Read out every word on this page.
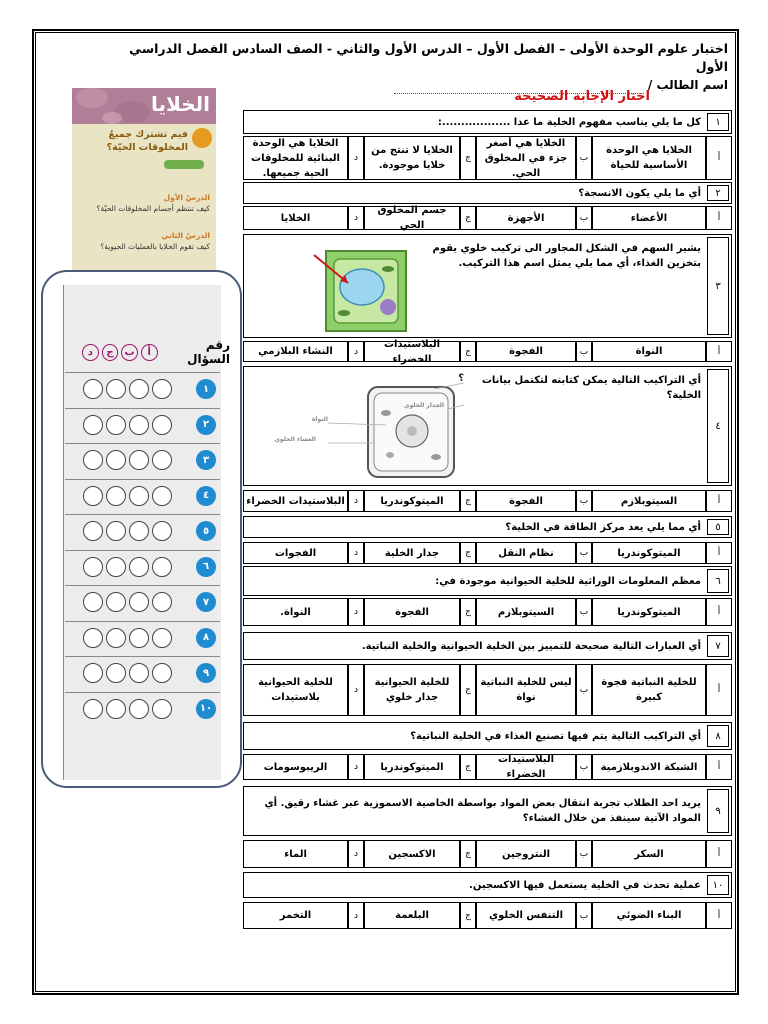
اختبار علوم الوحدة الأولى – الفصل الأول – الدرس الأول والثاني - الصف السادس الفصل الدراسي الأول
اسم الطالب /
اختار الإجابة الصحيحة
الخلايا
فيم تشترك جميعُ المخلوقات الحيّة؟
الدرسُ الأول
كيف تنتظم أجسام المخلوقات الحيّة؟
الدرسُ الثاني
كيف تقوم الخلايا بالعمليات الحيوية؟
رقم السؤال
أ
ب
ج
د
١
٢
٣
٤
٥
٦
٧
٨
٩
١٠
١
كل ما يلي يناسب مفهوم الخلية ما عدا ..................:
أ
الخلايا هي الوحدة الأساسية للحياة
ب
الخلايا هي أصغر جزء في المخلوق الحي.
ج
الخلايا لا تنتج من خلايا موجودة.
د
الخلايا هي الوحدة البنائية للمخلوقات الحية جميعها.
٢
أي ما يلي يكون الانسجة؟
أ
الأعضاء
ب
الأجهزة
ج
جسم المخلوق الحي
د
الخلايا
٣
يشير السهم في الشكل المجاور الى تركيب خلوي يقوم بتخزين الغذاء، أي مما يلي يمثل اسم هذا التركيب.
أ
النواة
ب
الفجوة
ج
البلاستيدات الخضراء
د
النشاء البلازمي
٤
أي التراكيب التالية يمكن كتابته لتكتمل بيانات الخلية؟
؟
الجدار الخلوي
النواة
الغشاء الخلوي
أ
السيتوبلازم
ب
الفجوة
ج
الميتوكوندريا
د
البلاستيدات الخضراء
٥
أي مما يلي يعد مركز الطاقة في الخلية؟
أ
الميتوكوندريا
ب
نظام النقل
ج
جدار الخلية
د
الفجوات
٦
معظم المعلومات الوراثية للخلية الحيوانية موجودة في:
أ
الميتوكوندريا
ب
السيتوبلازم
ج
الفجوة
د
النواة.
٧
أي العبارات التالية صحيحة للتمييز بين الخلية الحيوانية والخلية النباتية.
أ
للخلية النباتية فجوة كبيرة
ب
ليس للخلية النباتية نواة
ج
للخلية الحيوانية جدار خلوي
د
للخلية الحيوانية بلاستيدات
٨
أي التراكيب التالية يتم فيها تصنيع الغذاء في الخلية النباتية؟
أ
الشبكة الاندوبلازمية
ب
البلاستيدات الخضراء
ج
الميتوكوندريا
د
الريبوسومات
٩
يريد احد الطلاب تجربة انتقال بعض المواد بواسطة الخاصية الاسموزية عبر غشاء رقيق. أي المواد الآتية سينفذ من خلال الغشاء؟
أ
السكر
ب
النتروجين
ج
الاكسجين
د
الماء
١٠
عملية تحدث في الخلية يستعمل فيها الاكسجين.
أ
البناء الضوئي
ب
التنفس الخلوي
ج
البلعمة
د
التخمر
